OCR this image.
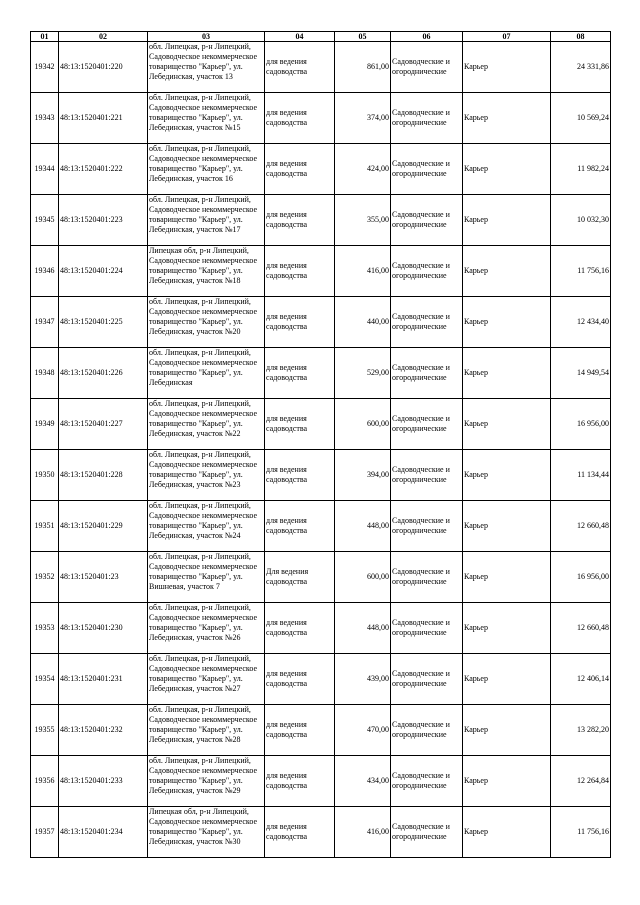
01	02	03	04	05	06	07	08
19342	48:13:1520401:220	обл. Липецкая, р-н Липецкий, Садоводческое некоммерческое товарищество "Карьер", ул. Лебединская, участок 13	для ведения садоводства	861,00	Садоводческие и огороднические	Карьер	24 331,86
19343	48:13:1520401:221	обл. Липецкая, р-н Липецкий, Садоводческое некоммерческое товарищество "Карьер", ул. Лебединская, участок №15	для ведения садоводства	374,00	Садоводческие и огороднические	Карьер	10 569,24
19344	48:13:1520401:222	обл. Липецкая, р-н Липецкий, Садоводческое некоммерческое товарищество "Карьер", ул. Лебединская, участок 16	для ведения садоводства	424,00	Садоводческие и огороднические	Карьер	11 982,24
19345	48:13:1520401:223	обл. Липецкая, р-н Липецкий, Садоводческое некоммерческое товарищество "Карьер", ул. Лебединская, участок №17	для ведения садоводства	355,00	Садоводческие и огороднические	Карьер	10 032,30
19346	48:13:1520401:224	Липецкая обл, р-н Липецкий, Садоводческое некоммерческое товарищество "Карьер", ул. Лебединская, участок №18	для ведения садоводства	416,00	Садоводческие и огороднические	Карьер	11 756,16
19347	48:13:1520401:225	обл. Липецкая, р-н Липецкий, Садоводческое некоммерческое товарищество "Карьер", ул. Лебединская, участок №20	для ведения садоводства	440,00	Садоводческие и огороднические	Карьер	12 434,40
19348	48:13:1520401:226	обл. Липецкая, р-н Липецкий, Садоводческое некоммерческое товарищество "Карьер", ул. Лебединская	для ведения садоводства	529,00	Садоводческие и огороднические	Карьер	14 949,54
19349	48:13:1520401:227	обл. Липецкая, р-н Липецкий, Садоводческое некоммерческое товарищество "Карьер", ул. Лебединская, участок №22	для ведения садоводства	600,00	Садоводческие и огороднические	Карьер	16 956,00
19350	48:13:1520401:228	обл. Липецкая, р-н Липецкий, Садоводческое некоммерческое товарищество "Карьер", ул. Лебединская, участок №23	для ведения садоводства	394,00	Садоводческие и огороднические	Карьер	11 134,44
19351	48:13:1520401:229	обл. Липецкая, р-н Липецкий, Садоводческое некоммерческое товарищество "Карьер", ул. Лебединская, участок №24	для ведения садоводства	448,00	Садоводческие и огороднические	Карьер	12 660,48
19352	48:13:1520401:23	обл. Липецкая, р-н Липецкий, Садоводческое некоммерческое товарищество "Карьер", ул. Вишневая, участок 7	Для ведения садоводства	600,00	Садоводческие и огороднические	Карьер	16 956,00
19353	48:13:1520401:230	обл. Липецкая, р-н Липецкий, Садоводческое некоммерческое товарищество "Карьер", ул. Лебединская, участок №26	для ведения садоводства	448,00	Садоводческие и огороднические	Карьер	12 660,48
19354	48:13:1520401:231	обл. Липецкая, р-н Липецкий, Садоводческое некоммерческое товарищество "Карьер", ул. Лебединская, участок №27	для ведения садоводства	439,00	Садоводческие и огороднические	Карьер	12 406,14
19355	48:13:1520401:232	обл. Липецкая, р-н Липецкий, Садоводческое некоммерческое товарищество "Карьер", ул. Лебединская, участок №28	для ведения садоводства	470,00	Садоводческие и огороднические	Карьер	13 282,20
19356	48:13:1520401:233	обл. Липецкая, р-н Липецкий, Садоводческое некоммерческое товарищество "Карьер", ул. Лебединская, участок №29	для ведения садоводства	434,00	Садоводческие и огороднические	Карьер	12 264,84
19357	48:13:1520401:234	Липецкая обл, р-н Липецкий, Садоводческое некоммерческое товарищество "Карьер", ул. Лебединская, участок №30	для ведения садоводства	416,00	Садоводческие и огороднические	Карьер	11 756,16
